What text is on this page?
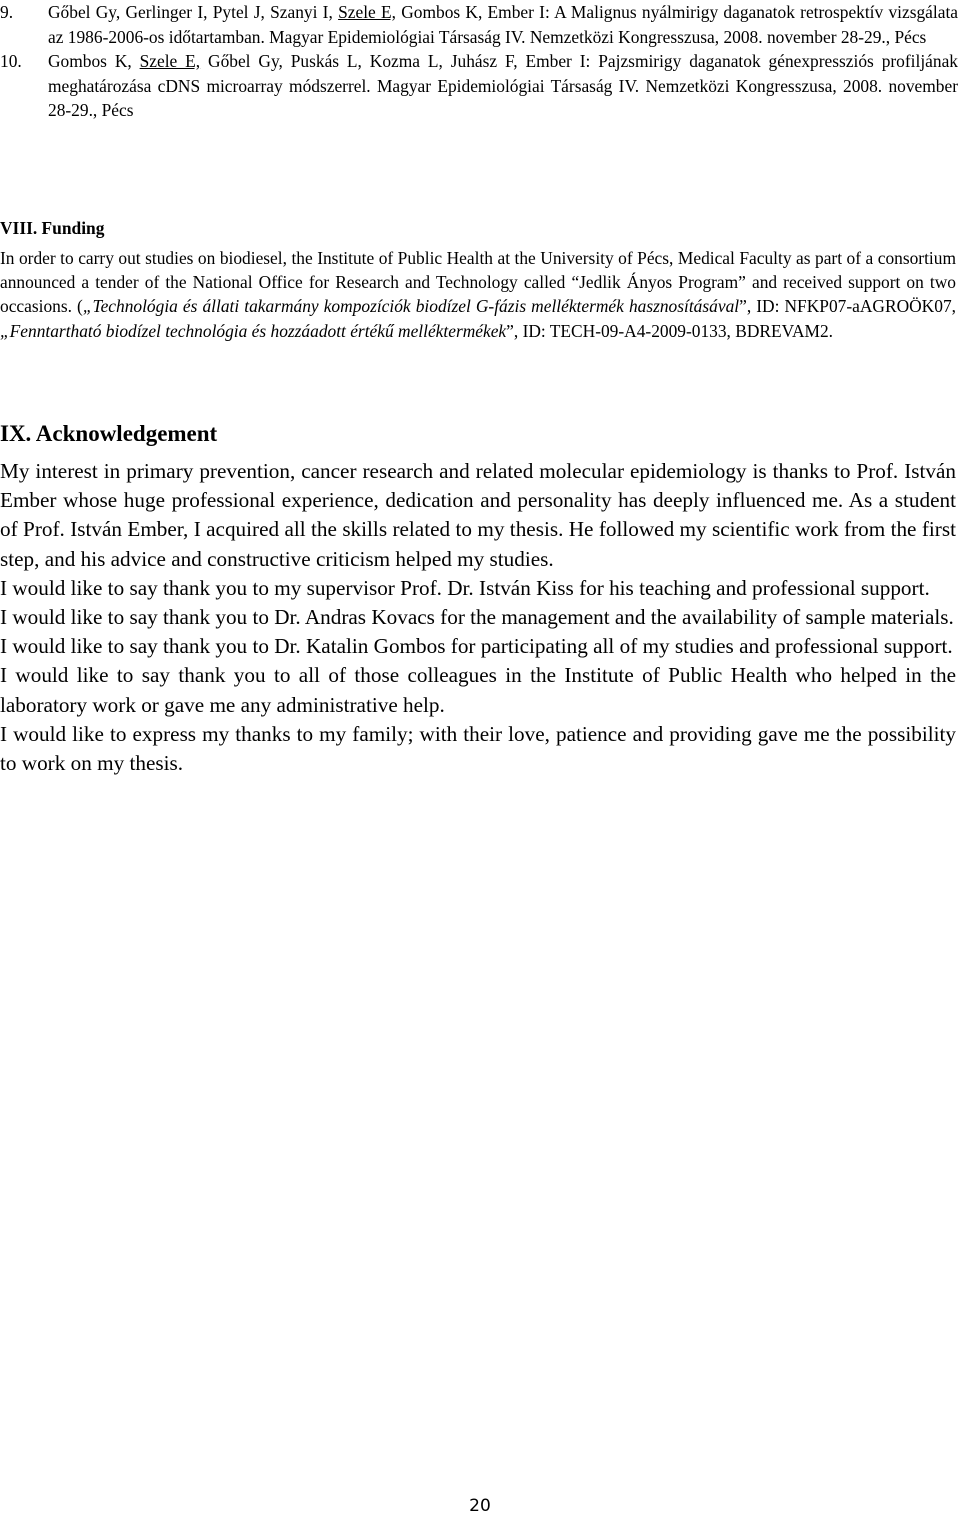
9. Gőbel Gy, Gerlinger I, Pytel J, Szanyi I, Szele E, Gombos K, Ember I: A Malignus nyálmirigy daganatok retrospektív vizsgálata az 1986-2006-os időtartamban. Magyar Epidemiológiai Társaság IV. Nemzetközi Kongresszusa, 2008. november 28-29., Pécs
10. Gombos K, Szele E, Gőbel Gy, Puskás L, Kozma L, Juhász F, Ember I: Pajzsmirigy daganatok génexpressziós profiljának meghatározása cDNS microarray módszerrel. Magyar Epidemiológiai Társaság IV. Nemzetközi Kongresszusa, 2008. november 28-29., Pécs
VIII. Funding

In order to carry out studies on biodiesel, the Institute of Public Health at the University of Pécs, Medical Faculty as part of a consortium announced a tender of the National Office for Research and Technology called “Jedlik Ányos Program” and received support on two occasions. („Technológia és állati takarmány kompozíciók biodízel G-fázis melléktermék hasznosításával”, ID: NFKP07-aAGROÖK07, „Fenntartható biodízel technológia és hozzáadott értékű melléktermékek”, ID: TECH-09-A4-2009-0133, BDREVAM2.

IX. Acknowledgement

My interest in primary prevention, cancer research and related molecular epidemiology is thanks to Prof. István Ember whose huge professional experience, dedication and personality has deeply influenced me. As a student of Prof. István Ember, I acquired all the skills related to my thesis. He followed my scientific work from the first step, and his advice and constructive criticism helped my studies.

I would like to say thank you to my supervisor Prof. Dr. István Kiss for his teaching and professional support.

I would like to say thank you to Dr. Andras Kovacs for the management and the availability of sample materials.

I would like to say thank you to Dr. Katalin Gombos for participating all of my studies and professional support.

I would like to say thank you to all of those colleagues in the Institute of Public Health who helped in the laboratory work or gave me any administrative help.

I would like to express my thanks to my family; with their love, patience and providing gave me the possibility to work on my thesis.

20
